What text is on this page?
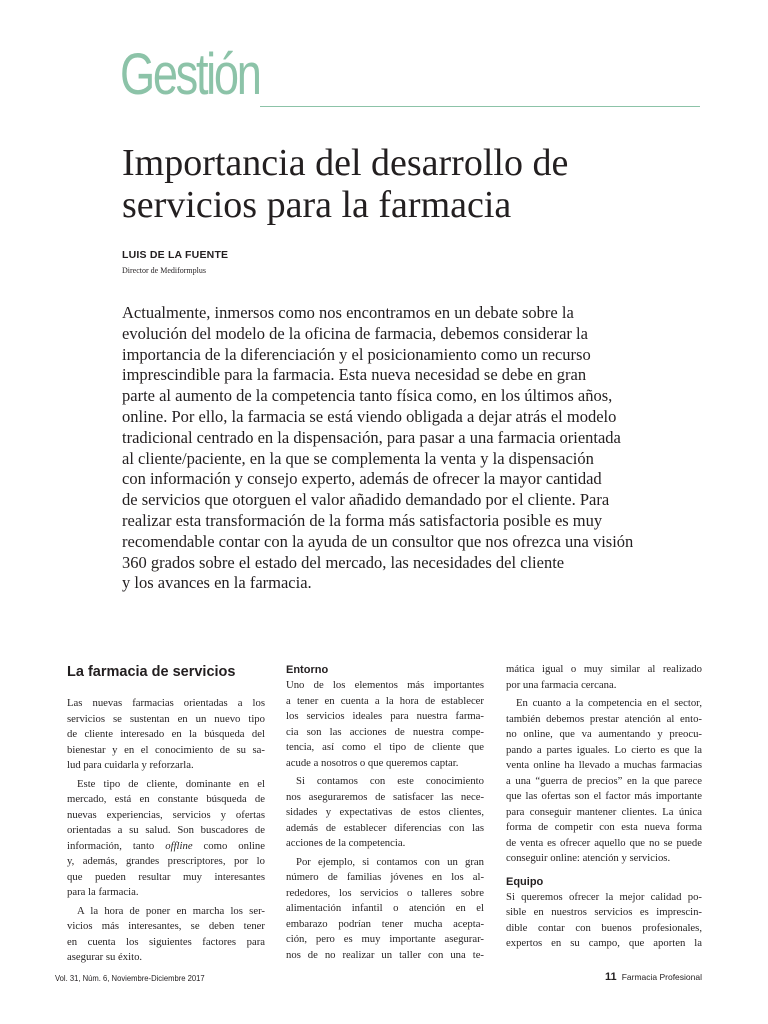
Gestión
Importancia del desarrollo de
servicios para la farmacia
LUIS DE LA FUENTE
Director de Mediformplus
Actualmente, inmersos como nos encontramos en un debate sobre la
evolución del modelo de la oficina de farmacia, debemos considerar la
importancia de la diferenciación y el posicionamiento como un recurso
imprescindible para la farmacia. Esta nueva necesidad se debe en gran
parte al aumento de la competencia tanto física como, en los últimos años,
online. Por ello, la farmacia se está viendo obligada a dejar atrás el modelo
tradicional centrado en la dispensación, para pasar a una farmacia orientada
al cliente/paciente, en la que se complementa la venta y la dispensación
con información y consejo experto, además de ofrecer la mayor cantidad
de servicios que otorguen el valor añadido demandado por el cliente. Para
realizar esta transformación de la forma más satisfactoria posible es muy
recomendable contar con la ayuda de un consultor que nos ofrezca una visión
360 grados sobre el estado del mercado, las necesidades del cliente
y los avances en la farmacia.
La farmacia de servicios
Las nuevas farmacias orientadas a los
servicios se sustentan en un nuevo tipo
de cliente interesado en la búsqueda del
bienestar y en el conocimiento de su sa-
lud para cuidarla y reforzarla.
Este tipo de cliente, dominante en el
mercado, está en constante búsqueda de
nuevas experiencias, servicios y ofertas
orientadas a su salud. Son buscadores de
información, tanto offline como online
y, además, grandes prescriptores, por lo
que pueden resultar muy interesantes
para la farmacia.
A la hora de poner en marcha los ser-
vicios más interesantes, se deben tener
en cuenta los siguientes factores para
asegurar su éxito.
Entorno
Uno de los elementos más importantes
a tener en cuenta a la hora de establecer
los servicios ideales para nuestra farma-
cia son las acciones de nuestra compe-
tencia, así como el tipo de cliente que
acude a nosotros o que queremos captar.
Si contamos con este conocimiento
nos aseguraremos de satisfacer las nece-
sidades y expectativas de estos clientes,
además de establecer diferencias con las
acciones de la competencia.
Por ejemplo, si contamos con un gran
número de familias jóvenes en los al-
rededores, los servicios o talleres sobre
alimentación infantil o atención en el
embarazo podrían tener mucha acepta-
ción, pero es muy importante asegurar-
nos de no realizar un taller con una te-
mática igual o muy similar al realizado
por una farmacia cercana.
En cuanto a la competencia en el sector,
también debemos prestar atención al ento-
no online, que va aumentando y preocu-
pando a partes iguales. Lo cierto es que la
venta online ha llevado a muchas farmacias
a una “guerra de precios” en la que parece
que las ofertas son el factor más importante
para conseguir mantener clientes. La única
forma de competir con esta nueva forma
de venta es ofrecer aquello que no se puede
conseguir online: atención y servicios.
Equipo
Si queremos ofrecer la mejor calidad po-
sible en nuestros servicios es imprescin-
dible contar con buenos profesionales,
expertos en su campo, que aporten la
Vol. 31, Núm. 6, Noviembre-Diciembre 2017	11 Farmacia Profesional
